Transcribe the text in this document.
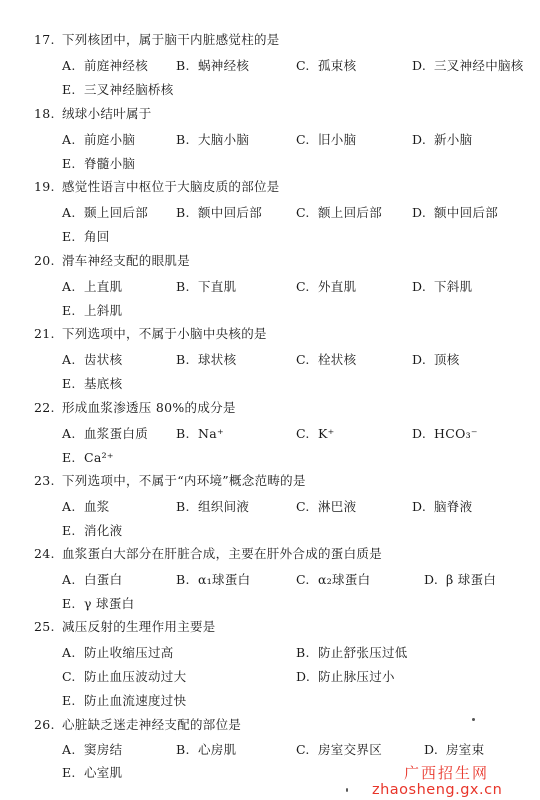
17. 下列核团中，属于脑干内脏感觉柱的是
A. 前庭神经核 B. 蜗神经核	C. 孤束核	D. 三叉神经中脑核
E. 三叉神经脑桥核
18. 绒球小结叶属于
A. 前庭小脑	B. 大脑小脑	C. 旧小脑	D. 新小脑
E. 脊髓小脑
19. 感觉性语言中枢位于大脑皮质的部位是
A. 颞上回后部 B. 额中回后部	C. 额上回后部 D. 额中回后部
E. 角回
20. 滑车神经支配的眼肌是
A. 上直肌	B. 下直肌	C. 外直肌	D. 下斜肌
E. 上斜肌
21. 下列选项中，不属于小脑中央核的是
A. 齿状核	B. 球状核	C. 栓状核	D. 顶核
E. 基底核
22. 形成血浆渗透压 80%的成分是
A. 血浆蛋白质 B. Na⁺	C. K⁺	D. HCO₃⁻
E. Ca²⁺
23. 下列选项中，不属于“内环境”概念范畴的是
A. 血浆	B. 组织间液	C. 淋巴液	D. 脑脊液
E. 消化液
24. 血浆蛋白大部分在肝脏合成，主要在肝外合成的蛋白质是
A. 白蛋白	B. α₁球蛋白	C. α₂球蛋白	D. β 球蛋白
E. γ 球蛋白
25. 减压反射的生理作用主要是
A. 防止收缩压过高	B. 防止舒张压过低
C. 防止血压波动过大	D. 防止脉压过小
E. 防止血流速度过快
26. 心脏缺乏迷走神经支配的部位是
A. 窦房结	B. 心房肌	C. 房室交界区	D. 房室束
E. 心室肌	广西招生网
zhaosheng.gx.cn
